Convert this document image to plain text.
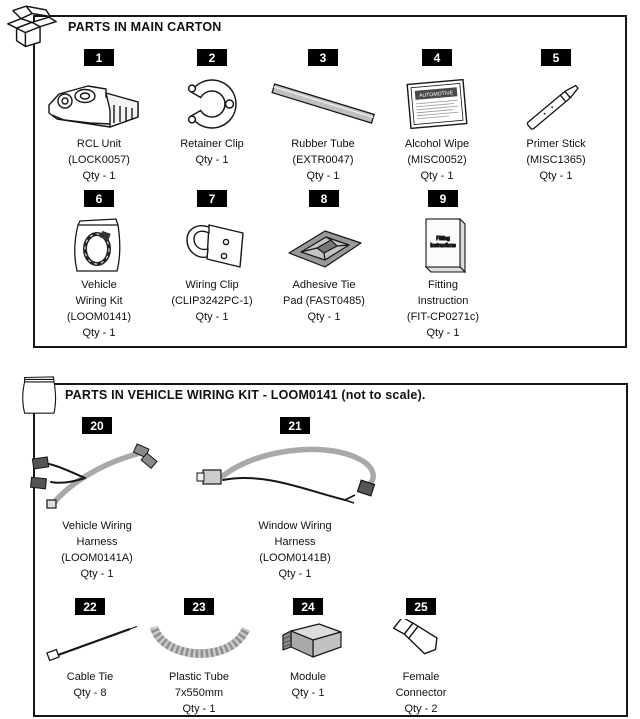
PARTS IN MAIN CARTON
1
RCL Unit
(LOCK0057)
Qty - 1
2
Retainer Clip
Qty - 1
3
Rubber Tube
(EXTR0047)
Qty - 1
4
AUTOMOTIVE
Alcohol Wipe
(MISC0052)
Qty - 1
5
Primer Stick
(MISC1365)
Qty - 1
6
Vehicle
Wiring Kit
(LOOM0141)
Qty - 1
7
Wiring Clip
(CLIP3242PC-1)
Qty - 1
8
Adhesive Tie
Pad (FAST0485)
Qty - 1
9
Fitting
Instructions
Fitting
Instruction
(FIT-CP0271c)
Qty - 1
PARTS IN VEHICLE WIRING KIT - LOOM0141 (not to scale).
20
Vehicle Wiring
Harness
(LOOM0141A)
Qty - 1
21
Window Wiring
Harness
(LOOM0141B)
Qty - 1
22
Cable Tie
Qty - 8
23
Plastic Tube
7x550mm
Qty - 1
24
Module
Qty - 1
25
Female
Connector
Qty - 2
